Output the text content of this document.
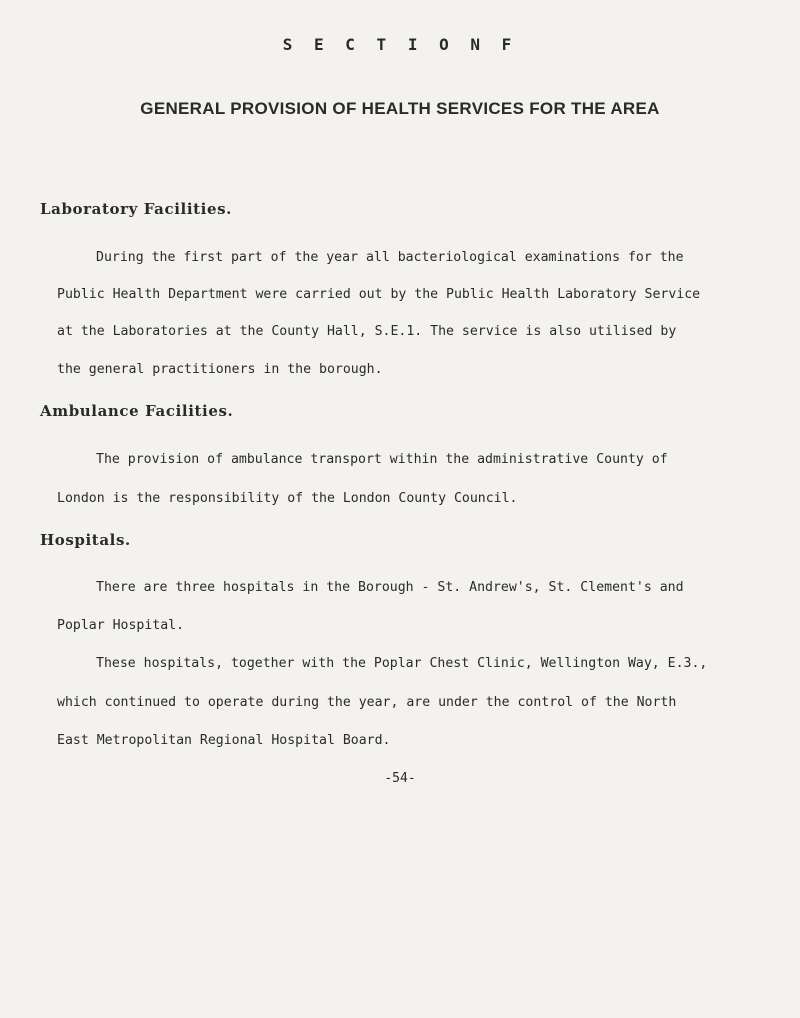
S E C T I O N F
GENERAL PROVISION OF HEALTH SERVICES FOR THE AREA
Laboratory Facilities.
During the first part of the year all bacteriological examinations for the
Public Health Department were carried out by the Public Health Laboratory Service
at the Laboratories at the County Hall, S.E.1. The service is also utilised by
the general practitioners in the borough.
Ambulance Facilities.
The provision of ambulance transport within the administrative County of
London is the responsibility of the London County Council.
Hospitals.
There are three hospitals in the Borough - St. Andrew's, St. Clement's and
Poplar Hospital.
These hospitals, together with the Poplar Chest Clinic, Wellington Way, E.3.,
which continued to operate during the year, are under the control of the North
East Metropolitan Regional Hospital Board.
-54-
